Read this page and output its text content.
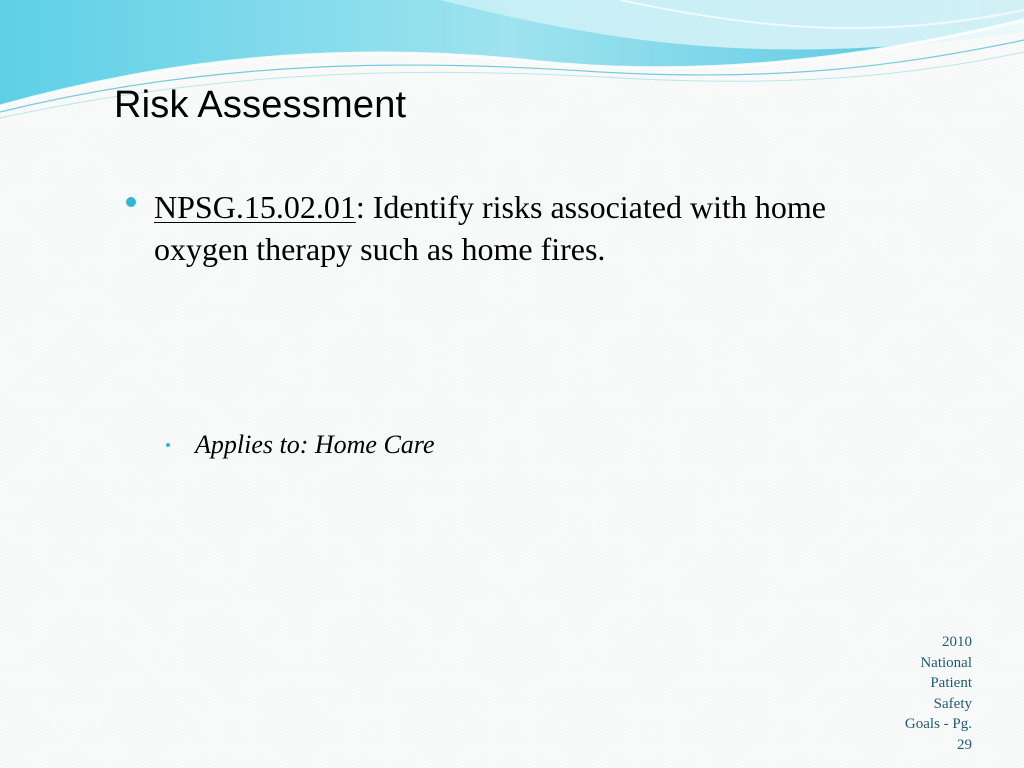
Risk Assessment
NPSG.15.02.01: Identify risks associated with home oxygen therapy such as home fires.
Applies to: Home Care
2010
National
Patient
Safety
Goals - Pg.
29
